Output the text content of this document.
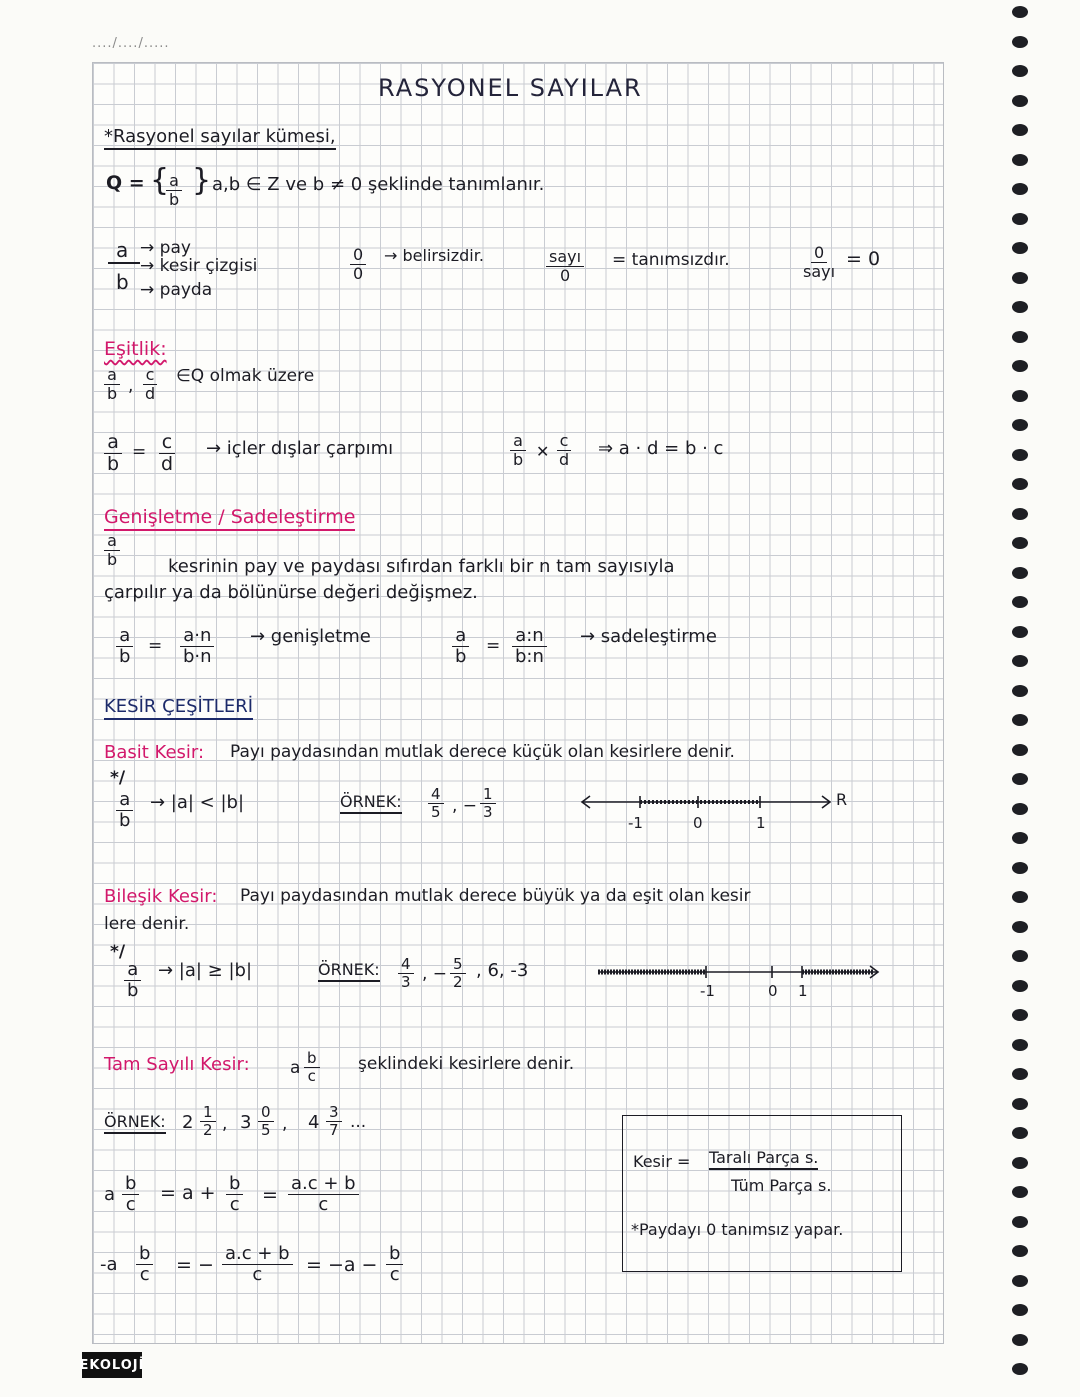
..../..../.....
RASYONEL SAYILAR
*Rasyonel sayılar kümesi,
Q = {
$\frac{a}{b}$ } a,b ∈ Z ve b ≠ 0 şeklinde tanımlanır.
a
b
→ pay
→ kesir çizgisi
→ payda
$\frac{0}{0}$ → belirsizdir.	sayı
0
= tanımsızdır.	0
sayı
= 0
Eşitlik:
$\frac{a}{b}$ , $\frac{c}{d}$ ∈Q olmak üzere
$\frac{a}{b} = \frac{c}{d}$ → içler dışlar çarpımı	$\frac{a}{b}$ ✕ $\frac{c}{d}$ ⇒ a · d = b · c
Genişletme / Sadeleştirme
$\frac{a}{b}$	kesrinin pay ve paydası sıfırdan farklı bir n tam sayısıyla
çarpılır ya da bölünürse değeri değişmez.
$\frac{a}{b} = \frac{a\cdot n}{b\cdot n}$ → genişletme	$\frac{a}{b} = \frac{a:n}{b:n}$ → sadeleştirme
KESİR ÇEŞİTLERİ
Basit Kesir: Payı paydasından mutlak derece küçük olan kesirlere denir.
*/
$\frac{a}{b} \to |a| < |b|$	ÖRNEK: $\frac{4}{5}$ , − $\frac{1}{3}$
-1	0	1
R
Bileşik Kesir: Payı paydasından mutlak derece büyük ya da eşit olan kesir
lere denir.
*/
$\frac{a}{b} \to |a| \ge |b|$	ÖRNEK: $\frac{4}{3}$ , − $\frac{5}{2}$ , 6, -3
-1	0 1
Tam Sayılı Kesir: a $\frac{b}{c}$ şeklindeki kesirlere denir.
ÖRNEK: $2 \frac{1}{2}$ , $3 \frac{0}{5}$ , $4 \frac{3}{7}$ ...
a $\frac{b}{c} = a + \frac{b}{c} = \frac{a.c + b}{c}$
$-a \frac{b}{c}$ = − $\frac{a.c + b}{c} = -a - \frac{b}{c}$
Kesir = Taralı Parça s.
Tüm Parça s.
*Paydayı 0 tanımsız yapar.
EKOLOJİ
